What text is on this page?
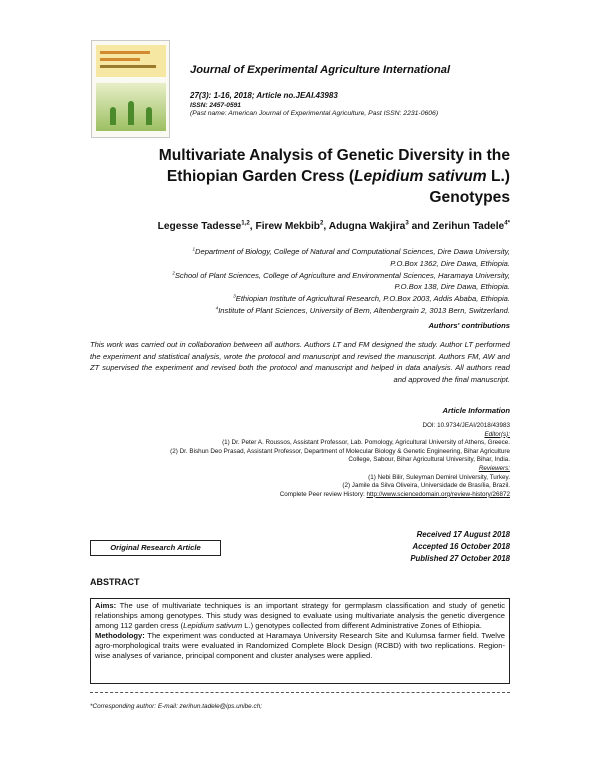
Journal of Experimental Agriculture International
27(3): 1-16, 2018; Article no.JEAI.43983
ISSN: 2457-0591
(Past name: American Journal of Experimental Agriculture, Past ISSN: 2231-0606)
Multivariate Analysis of Genetic Diversity in the
Ethiopian Garden Cress (Lepidium sativum L.)
Genotypes
Legesse Tadesse$^{1,2}$, Firew Mekbib$^2$, Adugna Wakjira$^3$ and Zerihun Tadele$^{4*}$
$^1$Department of Biology, College of Natural and Computational Sciences, Dire Dawa University,
P.O.Box 1362, Dire Dawa, Ethiopia.
$^2$School of Plant Sciences, College of Agriculture and Environmental Sciences, Haramaya University,
P.O.Box 138, Dire Dawa, Ethiopia.
$^3$Ethiopian Institute of Agricultural Research, P.O.Box 2003, Addis Ababa, Ethiopia.
$^4$Institute of Plant Sciences, University of Bern, Altenbergrain 2, 3013 Bern, Switzerland.
Authors' contributions
This work was carried out in collaboration between all authors. Authors LT and FM designed the study. Author LT performed the experiment and statistical analysis, wrote the protocol and manuscript and revised the manuscript. Authors FM, AW and ZT supervised the experiment and revised both the protocol and manuscript and helped in data analysis. All authors read and approved the final manuscript.
Article Information
DOI: 10.9734/JEAI/2018/43983
Editor(s):
(1) Dr. Peter A. Roussos, Assistant Professor, Lab. Pomology, Agricultural University of Athens, Greece.
(2) Dr. Bishun Deo Prasad, Assistant Professor, Department of Molecular Biology & Genetic Engineering, Bihar Agriculture
College, Sabour, Bihar Agricultural University, Bihar, India.
Reviewers:
(1) Nebi Bilir, Suleyman Demirel University, Turkey.
(2) Jamile da Silva Oliveira, Universidade de Brasília, Brazil.
Complete Peer review History: http://www.sciencedomain.org/review-history/26872
Received 17 August 2018
Accepted 16 October 2018
Published 27 October 2018
Original Research Article
ABSTRACT
Aims: The use of multivariate techniques is an important strategy for germplasm classification and study of genetic relationships among genotypes. This study was designed to evaluate using multivariate analysis the genetic divergence among 112 garden cress (Lepidium sativum L.) genotypes collected from different Administrative Zones of Ethiopia.
Methodology: The experiment was conducted at Haramaya University Research Site and Kulumsa farmer field. Twelve agro-morphological traits were evaluated in Randomized Complete Block Design (RCBD) with two replications. Region-wise analyses of variance, principal component and cluster analyses were applied.
*Corresponding author: E-mail: zerihun.tadele@ips.unibe.ch;
